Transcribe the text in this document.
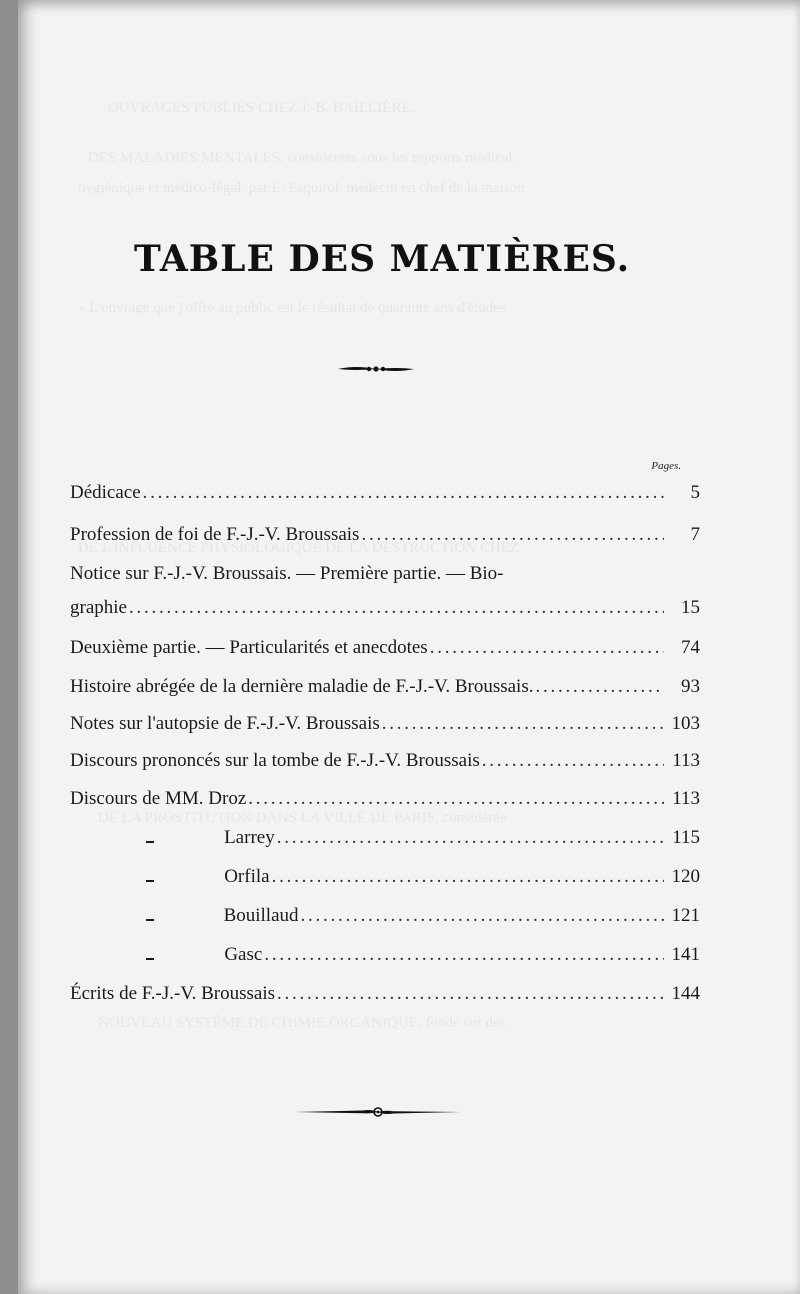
OUVRAGES PUBLIÉS CHEZ J.-B. BAILLIÈRE.
DES MALADIES MENTALES, considérées sous les rapports médical,
hygiénique et médico-légal, par E. Esquirol, médecin en chef de la maison
« L'ouvrage que j'offre au public est le résultat de quarante ans d'études
DE L'INFLUENCE PHYSIOLOGIQUE DE LA DESTRUCTION CHEZ
DE LA PROSTITUTION DANS LA VILLE DE PARIS, considérée
NOUVEAU SYSTÈME DE CHIMIE ORGANIQUE, fondé sur des
TABLE DES MATIÈRES.
Pages.
Dédicace . . .	5
Profession de foi de F.-J.-V. Broussais . . .	7
Notice sur F.-J.-V. Broussais. — Première partie. — Bio-
graphie . . .	15
Deuxième partie. — Particularités et anecdotes . . .	74
Histoire abrégée de la dernière maladie de F.-J.-V. Broussais. . . .	93
Notes sur l'autopsie de F.-J.-V. Broussais . . .	103
Discours prononcés sur la tombe de F.-J.-V. Broussais . . .	113
Discours de MM. Droz . . .	113
Larrey . . .	115
Orfila . . .	120
Bouillaud . . .	121
Gasc . . .	141
Écrits de F.-J.-V. Broussais . . .	144
